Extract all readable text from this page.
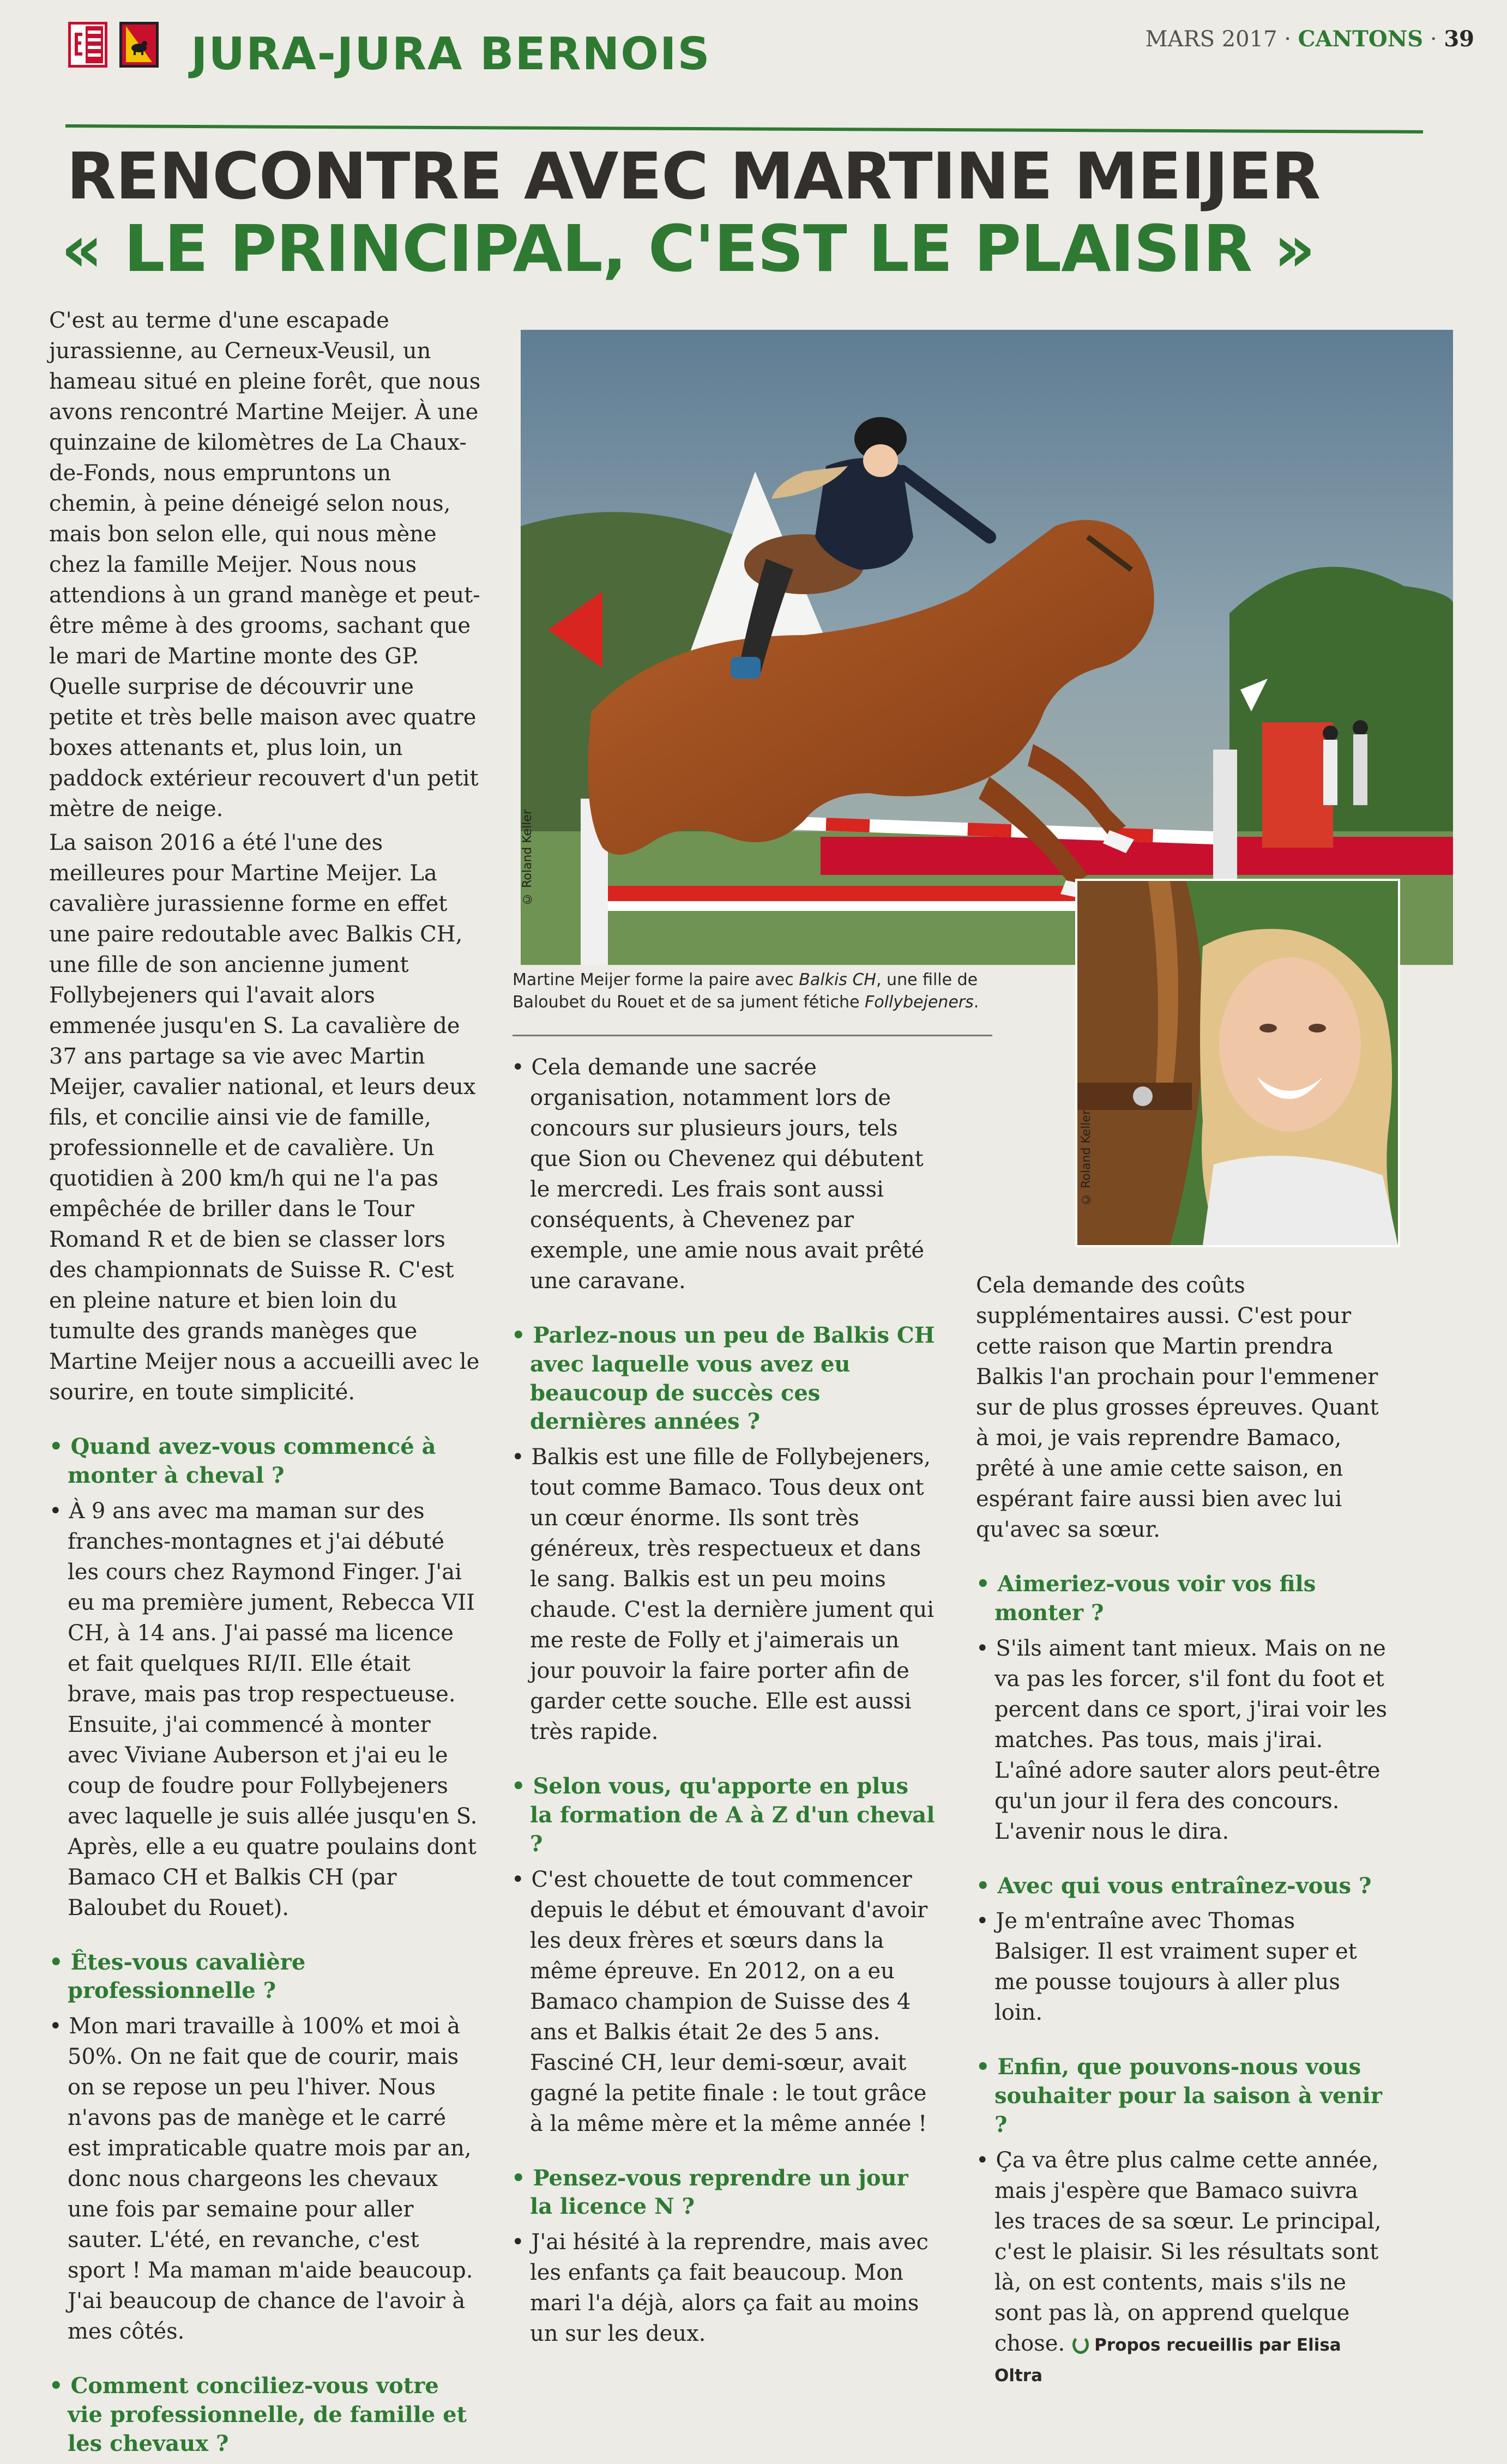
JURA-JURA BERNOIS	MARS 2017 · CANTONS · 39
RENCONTRE AVEC MARTINE MEIJER
« LE PRINCIPAL, C'EST LE PLAISIR »
© Roland Keller
© Roland Keller
Martine Meijer forme la paire avec Balkis CH, une fille de Baloubet du Rouet et de sa jument fétiche Follybejeners.

C'est au terme d'une escapade jurassienne, au Cerneux-Veusil, un hameau situé en pleine forêt, que nous avons rencontré Martine Meijer. À une quinzaine de kilomètres de La Chaux-de-Fonds, nous empruntons un chemin, à peine déneigé selon nous, mais bon selon elle, qui nous mène chez la famille Meijer. Nous nous attendions à un grand manège et peut-être même à des grooms, sachant que le mari de Martine monte des GP. Quelle surprise de découvrir une petite et très belle maison avec quatre boxes attenants et, plus loin, un paddock extérieur recouvert d'un petit mètre de neige.

La saison 2016 a été l'une des meilleures pour Martine Meijer. La cavalière jurassienne forme en effet une paire redoutable avec Balkis CH, une fille de son ancienne jument Follybejeners qui l'avait alors emmenée jusqu'en S. La cavalière de 37 ans partage sa vie avec Martin Meijer, cavalier national, et leurs deux fils, et concilie ainsi vie de famille, professionnelle et de cavalière. Un quotidien à 200 km/h qui ne l'a pas empêchée de briller dans le Tour Romand R et de bien se classer lors des championnats de Suisse R. C'est en pleine nature et bien loin du tumulte des grands manèges que Martine Meijer nous a accueilli avec le sourire, en toute simplicité.

• Quand avez-vous commencé à monter à cheval ?
• À 9 ans avec ma maman sur des franches-montagnes et j'ai débuté les cours chez Raymond Finger. J'ai eu ma première jument, Rebecca VII CH, à 14 ans. J'ai passé ma licence et fait quelques RI/II. Elle était brave, mais pas trop respectueuse. Ensuite, j'ai commencé à monter avec Viviane Auberson et j'ai eu le coup de foudre pour Follybejeners avec laquelle je suis allée jusqu'en S. Après, elle a eu quatre poulains dont Bamaco CH et Balkis CH (par Baloubet du Rouet).
• Êtes-vous cavalière professionnelle ?
• Mon mari travaille à 100% et moi à 50%. On ne fait que de courir, mais on se repose un peu l'hiver. Nous n'avons pas de manège et le carré est impraticable quatre mois par an, donc nous chargeons les chevaux une fois par semaine pour aller sauter. L'été, en revanche, c'est sport ! Ma maman m'aide beaucoup. J'ai beaucoup de chance de l'avoir à mes côtés.
• Comment conciliez-vous votre vie professionnelle, de famille et les chevaux ?
• Cela demande une sacrée organisation, notamment lors de concours sur plusieurs jours, tels que Sion ou Chevenez qui débutent le mercredi. Les frais sont aussi conséquents, à Chevenez par exemple, une amie nous avait prêté une caravane.
• Parlez-nous un peu de Balkis CH avec laquelle vous avez eu beaucoup de succès ces dernières années ?
• Balkis est une fille de Follybejeners, tout comme Bamaco. Tous deux ont un cœur énorme. Ils sont très généreux, très respectueux et dans le sang. Balkis est un peu moins chaude. C'est la dernière jument qui me reste de Folly et j'aimerais un jour pouvoir la faire porter afin de garder cette souche. Elle est aussi très rapide.
• Selon vous, qu'apporte en plus la formation de A à Z d'un cheval ?
• C'est chouette de tout commencer depuis le début et émouvant d'avoir les deux frères et sœurs dans la même épreuve. En 2012, on a eu Bamaco champion de Suisse des 4 ans et Balkis était 2e des 5 ans. Fasciné CH, leur demi-sœur, avait gagné la petite finale : le tout grâce à la même mère et la même année !
• Pensez-vous reprendre un jour la licence N ?
• J'ai hésité à la reprendre, mais avec les enfants ça fait beaucoup. Mon mari l'a déjà, alors ça fait au moins un sur les deux.

Cela demande des coûts supplémentaires aussi. C'est pour cette raison que Martin prendra Balkis l'an prochain pour l'emmener sur de plus grosses épreuves. Quant à moi, je vais reprendre Bamaco, prêté à une amie cette saison, en espérant faire aussi bien avec lui qu'avec sa sœur.

• Aimeriez-vous voir vos fils monter ?
• S'ils aiment tant mieux. Mais on ne va pas les forcer, s'il font du foot et percent dans ce sport, j'irai voir les matches. Pas tous, mais j'irai. L'aîné adore sauter alors peut-être qu'un jour il fera des concours. L'avenir nous le dira.
• Avec qui vous entraînez-vous ?
• Je m'entraîne avec Thomas Balsiger. Il est vraiment super et me pousse toujours à aller plus loin.
• Enfin, que pouvons-nous vous souhaiter pour la saison à venir ?
• Ça va être plus calme cette année, mais j'espère que Bamaco suivra les traces de sa sœur. Le principal, c'est le plaisir. Si les résultats sont là, on est contents, mais s'ils ne sont pas là, on apprend quelque chose. Propos recueillis par Elisa Oltra
